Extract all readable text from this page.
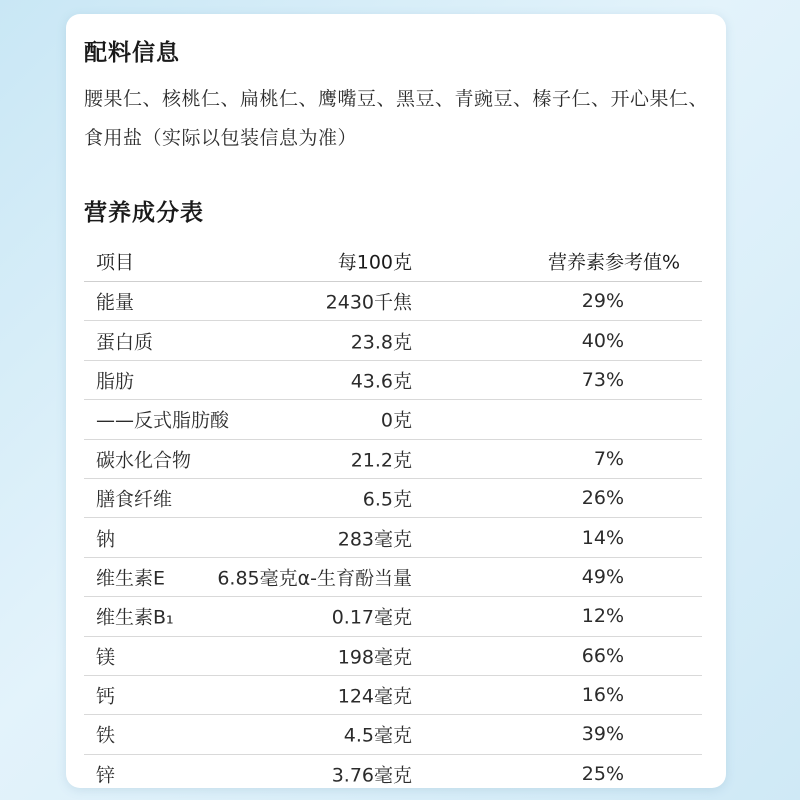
配料信息
腰果仁、核桃仁、扁桃仁、鹰嘴豆、黑豆、青豌豆、榛子仁、开心果仁、食用盐（实际以包装信息为准）
营养成分表
项目	每100克	营养素参考值%
能量	2430千焦	29%
蛋白质	23.8克	40%
脂肪	43.6克	73%
——反式脂肪酸	0克
碳水化合物	21.2克	7%
膳食纤维	6.5克	26%
钠	283毫克	14%
维生素E	6.85毫克α-生育酚当量	49%
维生素B₁	0.17毫克	12%
镁	198毫克	66%
钙	124毫克	16%
铁	4.5毫克	39%
锌	3.76毫克	25%
